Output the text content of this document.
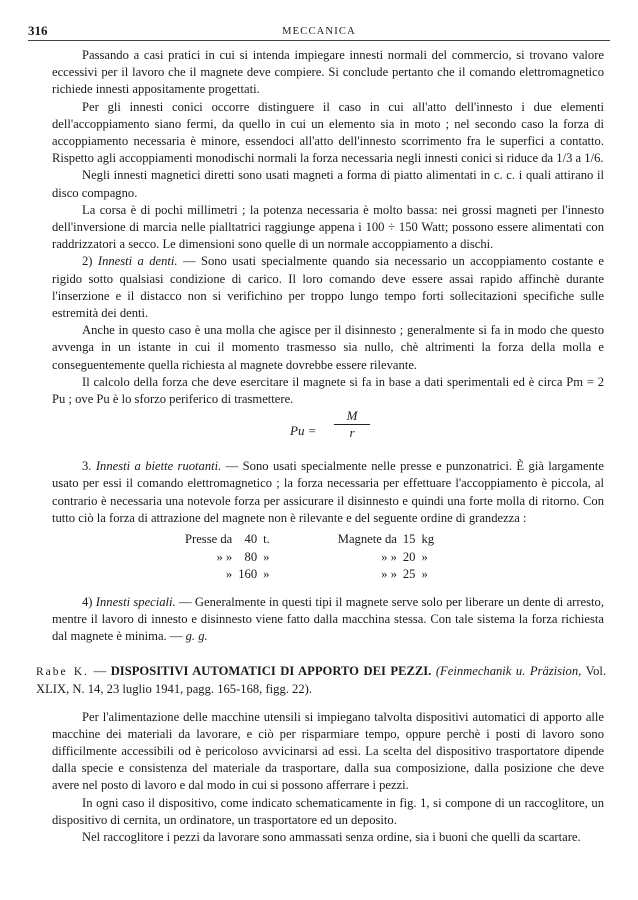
316	MECCANICA

Passando a casi pratici in cui si intenda impiegare innesti normali del commercio, si trovano valore eccessivi per il lavoro che il magnete deve compiere. Si conclude pertanto che il comando elettromagnetico richiede innesti appositamente progettati.

Per gli innesti conici occorre distinguere il caso in cui all'atto dell'innesto i due elementi dell'accoppiamento siano fermi, da quello in cui un elemento sia in moto ; nel secondo caso la forza di accoppiamento necessaria è minore, essendoci all'atto dell'innesto scorrimento fra le superfici a contatto. Rispetto agli accoppiamenti monodischi normali la forza necessaria negli innesti conici si riduce da 1/3 a 1/6.

Negli innesti magnetici diretti sono usati magneti a forma di piatto alimentati in c. c. i quali attirano il disco compagno.

La corsa è di pochi millimetri ; la potenza necessaria è molto bassa: nei grossi magneti per l'innesto dell'inversione di marcia nelle pialltatrici raggiunge appena i 100 ÷ 150 Watt; possono essere alimentati con raddrizzatori a secco. Le dimensioni sono quelle di un normale accoppiamento a dischi.

2) Innesti a denti. — Sono usati specialmente quando sia necessario un accoppiamento costante e rigido sotto qualsiasi condizione di carico. Il loro comando deve essere assai rapido affinchè durante l'inserzione e il distacco non si verifichino per troppo lungo tempo forti sollecitazioni specifiche sulle estremità dei denti.

Anche in questo caso è una molla che agisce per il disinnesto ; generalmente si fa in modo che questo avvenga in un istante in cui il momento trasmesso sia nullo, chè altrimenti la forza della molla e conseguentemente quella richiesta al magnete dovrebbe essere rilevante.

Il calcolo della forza che deve esercitare il magnete si fa in base a dati sperimentali ed è circa Pm = 2 Pu ; ove Pu è lo sforzo periferico di trasmettere.

$Pu = \frac{M}{r}$

3. Innesti a biette ruotanti. — Sono usati specialmente nelle presse e punzonatrici. È già largamente usato per essi il comando elettromagnetico ; la forza necessaria per effettuare l'accoppiamento è piccola, al contrario è necessaria una notevole forza per assicurare il disinnesto e quindi una forte molla di ritorno. Con tutto ciò la forza di attrazione del magnete non è rilevante e del seguente ordine di grandezza :

Presse da	40	t.		Magnete da	15	kg
» »	80	»		» »	20	»
»	160	»		» »	25	»

4) Innesti speciali. — Generalmente in questi tipi il magnete serve solo per liberare un dente di arresto, mentre il lavoro di innesto e disinnesto viene fatto dalla macchina stessa. Con tale sistema la forza richiesta dal magnete è minima. — g. g.

Rabe K. — DISPOSITIVI AUTOMATICI DI APPORTO DEI PEZZI. (Feinmechanik u. Präzision, Vol. XLIX, N. 14, 23 luglio 1941, pagg. 165-168, figg. 22).

Per l'alimentazione delle macchine utensili si impiegano talvolta dispositivi automatici di apporto alle macchine dei materiali da lavorare, e ciò per risparmiare tempo, oppure perchè i posti di lavoro sono difficilmente accessibili od è pericoloso avvicinarsi ad essi. La scelta del dispositivo trasportatore dipende dalla specie e consistenza del materiale da trasportare, dalla sua composizione, dalla posizione che deve avere nel posto di lavoro e dal modo in cui si possono afferrare i pezzi.

In ogni caso il dispositivo, come indicato schematicamente in fig. 1, si compone di un raccoglitore, un dispositivo di cernita, un ordinatore, un trasportatore ed un deposito.

Nel raccoglitore i pezzi da lavorare sono ammassati senza ordine, sia i buoni che quelli da scartare.
